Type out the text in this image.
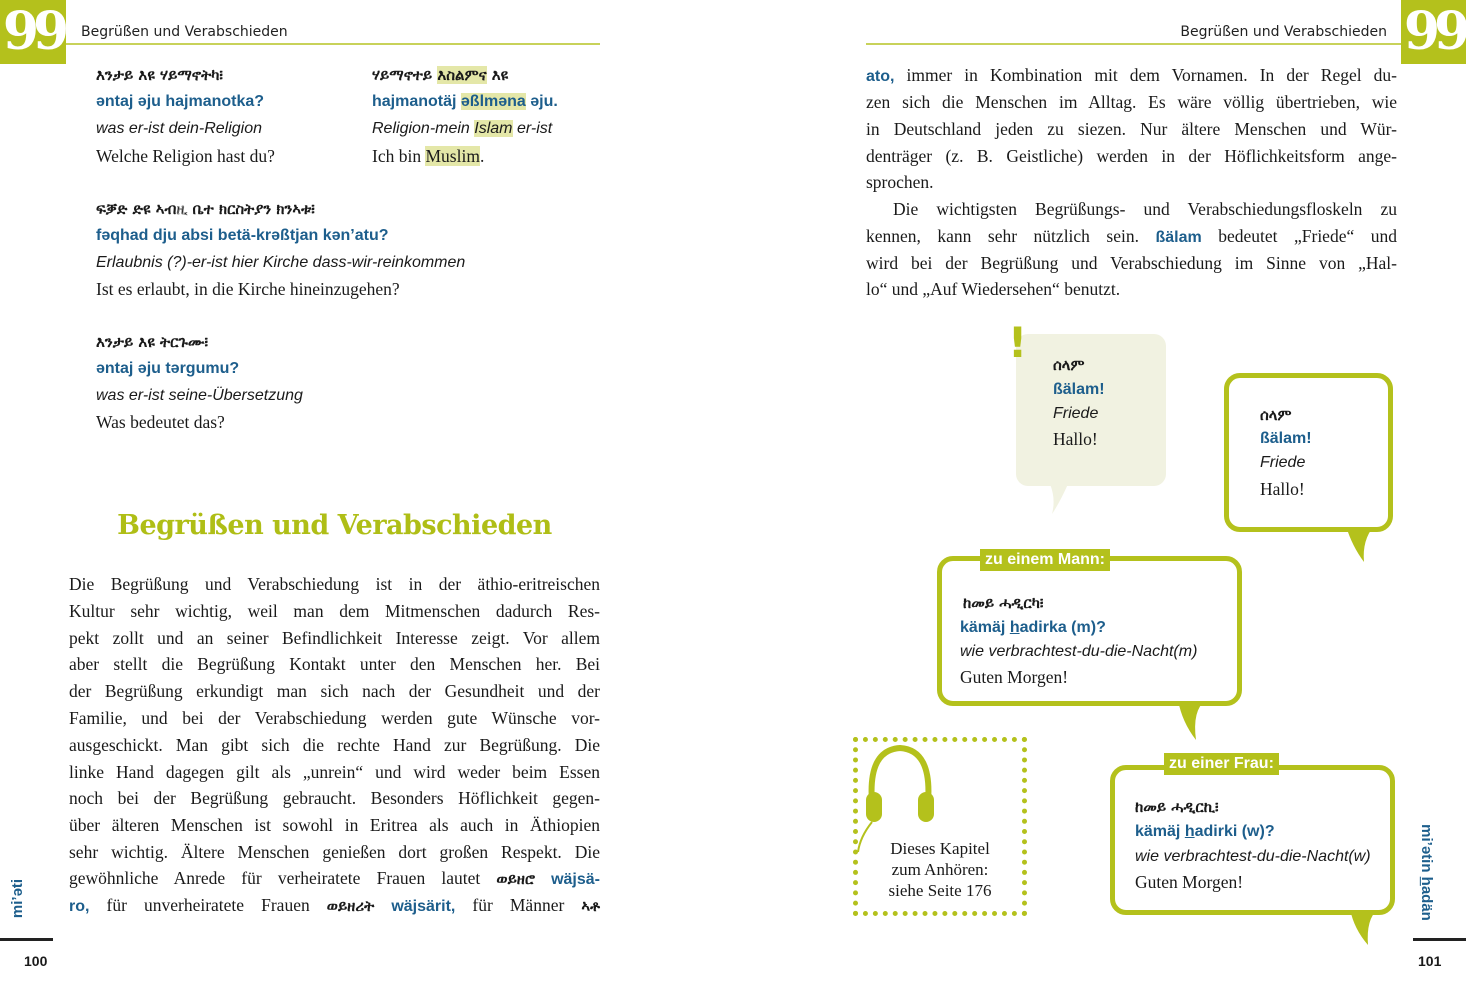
99 Begrüßen und Verabschieden
እንታይ እዩ ሃይማኖትካ፧
əntaj əju hajmanotka?
was er-ist dein-Religion
Welche Religion hast du?
ሃይማኖተይ እስልምና እዩ
hajmanotäj əßlmәna əju.
Religion-mein Islam er-ist
Ich bin Muslim.
ፍቓድ ድዩ ኣብዚ ቤተ ክርስትያን ክንኣቱ፧
fəqhad dju absi betä-krəßtjan kən’atu?
Erlaubnis (?)-er-ist hier Kirche dass-wir-reinkommen
Ist es erlaubt, in die Kirche hineinzugehen?
እንታይ እዩ ትርጉሙ፧
əntaj əju tərgumu?
was er-ist seine-Übersetzung
Was bedeutet das?
Begrüßen und Verabschieden
Die Begrüßung und Verabschiedung ist in der äthio-eritreischen
Kultur sehr wichtig, weil man dem Mitmenschen dadurch Res-
pekt zollt und an seiner Befindlichkeit Interesse zeigt. Vor allem
aber stellt die Begrüßung Kontakt unter den Menschen her. Bei
der Begrüßung erkundigt man sich nach der Gesundheit und der
Familie, und bei der Verabschiedung werden gute Wünsche vor-
ausgeschickt. Man gibt sich die rechte Hand zur Begrüßung. Die
linke Hand dagegen gilt als „unrein“ und wird weder beim Essen
noch bei der Begrüßung gebraucht. Besonders Höflichkeit gegen-
über älteren Menschen ist sowohl in Eritrea als auch in Äthiopien
sehr wichtig. Ältere Menschen genießen dort großen Respekt. Die
gewöhnliche Anrede für verheiratete Frauen lautet ወይዘሮ wäjsä-
ro, für unverheiratete Frauen ወይዘሪት wäjsärit, für Männer ኣቶ
mi’əti
100
99
Begrüßen und Verabschieden
ato, immer in Kombination mit dem Vornamen. In der Regel du-
zen sich die Menschen im Alltag. Es wäre völlig übertrieben, wie
in Deutschland jeden zu siezen. Nur ältere Menschen und Wür-
denträger (z. B. Geistliche) werden in der Höflichkeitsform ange-
sprochen.
Die wichtigsten Begrüßungs- und Verabschiedungsfloskeln zu
kennen, kann sehr nützlich sein. ßälam bedeutet „Friede“ und
wird bei der Begrüßung und Verabschiedung im Sinne von „Hal-
lo“ und „Auf Wiedersehen“ benutzt.
! ሰላም
ßälam!
Friede
Hallo!
ሰላም
ßälam!
Friede
Hallo!
zu einem Mann:
ከመይ ሓዲርካ፧
kämäj hadirka (m)?
wie verbrachtest-du-die-Nacht(m)
Guten Morgen!
Dieses Kapitel
zum Anhören:
siehe Seite 176
zu einer Frau:
ከመይ ሓዲርኪ፧
kämäj hadirki (w)?
wie verbrachtest-du-die-Nacht(w)
Guten Morgen!
mi’ətin hadän
101
